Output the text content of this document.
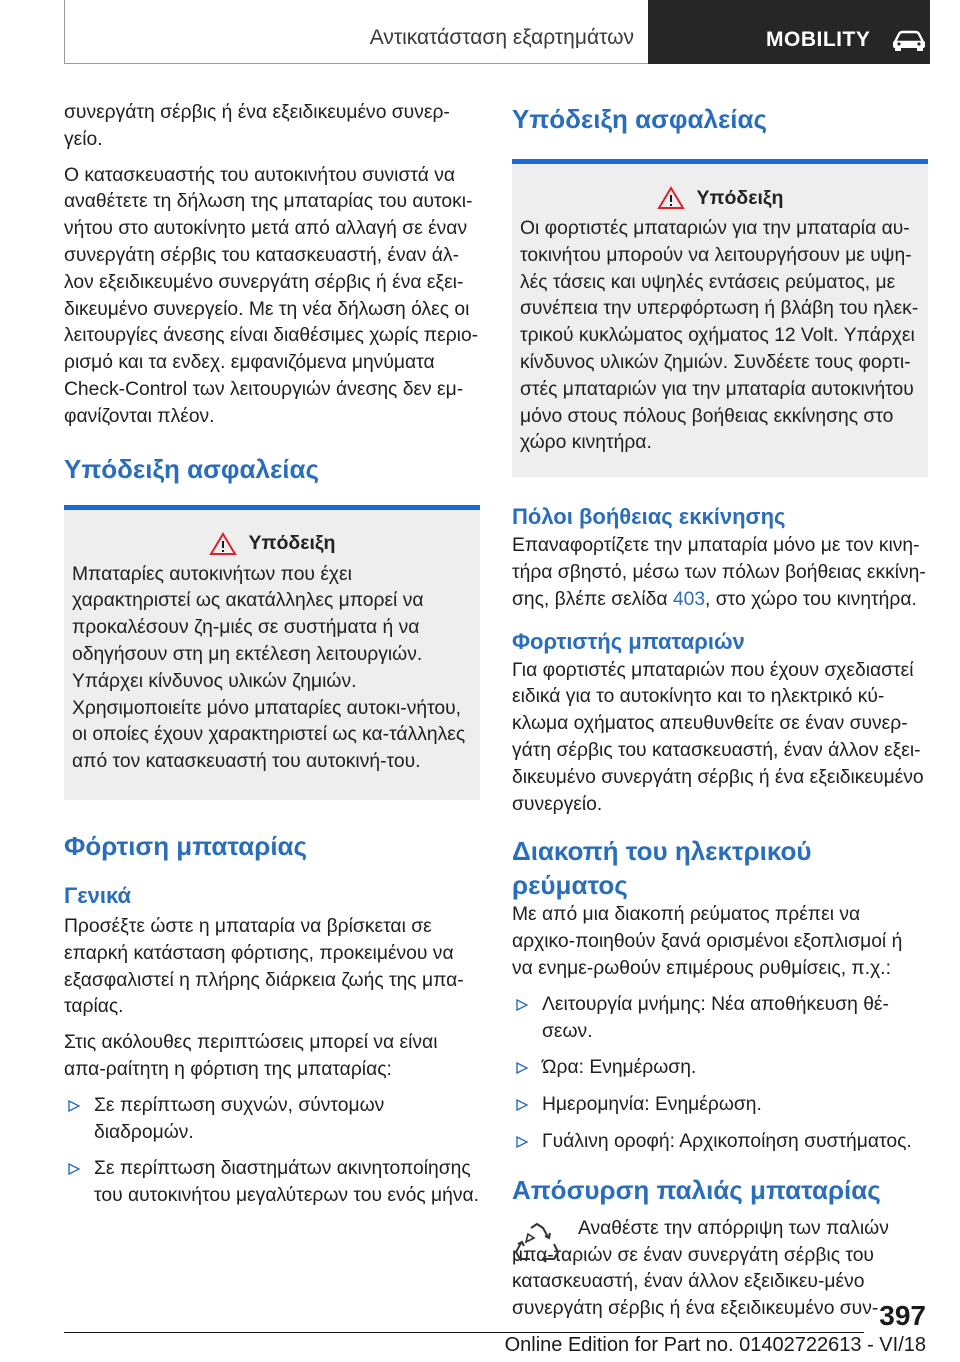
Αντικατάσταση εξαρτημάτων	MOBILITY

συνεργάτη σέρβις ή ένα εξειδικευμένο συνερ-γείο.

Ο κατασκευαστής του αυτοκινήτου συνιστά να αναθέτετε τη δήλωση της μπαταρίας του αυτοκι-νήτου στο αυτοκίνητο μετά από αλλαγή σε έναν συνεργάτη σέρβις του κατασκευαστή, έναν άλ-λον εξειδικευμένο συνεργάτη σέρβις ή ένα εξει-δικευμένο συνεργείο. Με τη νέα δήλωση όλες οι λειτουργίες άνεσης είναι διαθέσιμες χωρίς περιο-ρισμό και τα ενδεχ. εμφανιζόμενα μηνύματα Check-Control των λειτουργιών άνεσης δεν εμ-φανίζονται πλέον.

Υπόδειξη ασφαλείας
Υπόδειξη

Μπαταρίες αυτοκινήτων που έχει χαρακτηριστεί ως ακατάλληλες μπορεί να προκαλέσουν ζη-μιές σε συστήματα ή να οδηγήσουν στη μη εκτέλεση λειτουργιών. Υπάρχει κίνδυνος υλικών ζημιών. Χρησιμοποιείτε μόνο μπαταρίες αυτοκι-νήτου, οι οποίες έχουν χαρακτηριστεί ως κα-τάλληλες από τον κατασκευαστή του αυτοκινή-του.

Φόρτιση μπαταρίας
Γενικά

Προσέξτε ώστε η μπαταρία να βρίσκεται σε επαρκή κατάσταση φόρτισης, προκειμένου να εξασφαλιστεί η πλήρης διάρκεια ζωής της μπα-ταρίας.

Στις ακόλουθες περιπτώσεις μπορεί να είναι απα-ραίτητη η φόρτιση της μπαταρίας:

Σε περίπτωση συχνών, σύντομων διαδρομών.
Σε περίπτωση διαστημάτων ακινητοποίησης του αυτοκινήτου μεγαλύτερων του ενός μήνα.
Υπόδειξη ασφαλείας
Υπόδειξη

Οι φορτιστές μπαταριών για την μπαταρία αυ-τοκινήτου μπορούν να λειτουργήσουν με υψη-λές τάσεις και υψηλές εντάσεις ρεύματος, με συνέπεια την υπερφόρτωση ή βλάβη του ηλεκ-τρικού κυκλώματος οχήματος 12 Volt. Υπάρχει κίνδυνος υλικών ζημιών. Συνδέετε τους φορτι-στές μπαταριών για την μπαταρία αυτοκινήτου μόνο στους πόλους βοήθειας εκκίνησης στο χώρο κινητήρα.

Πόλοι βοήθειας εκκίνησης

Επαναφορτίζετε την μπαταρία μόνο με τον κινη-τήρα σβηστό, μέσω των πόλων βοήθειας εκκίνη-σης, βλέπε σελίδα 403, στο χώρο του κινητήρα.

Φορτιστής μπαταριών

Για φορτιστές μπαταριών που έχουν σχεδιαστεί ειδικά για το αυτοκίνητο και το ηλεκτρικό κύ-κλωμα οχήματος απευθυνθείτε σε έναν συνερ-γάτη σέρβις του κατασκευαστή, έναν άλλον εξει-δικευμένο συνεργάτη σέρβις ή ένα εξειδικευμένο συνεργείο.

Διακοπή του ηλεκτρικού
ρεύματος

Με από μια διακοπή ρεύματος πρέπει να αρχικο-ποιηθούν ξανά ορισμένοι εξοπλισμοί ή να ενημε-ρωθούν επιμέρους ρυθμίσεις, π.χ.:

Λειτουργία μνήμης: Νέα αποθήκευση θέ-σεων.
Ώρα: Ενημέρωση.
Ημερομηνία: Ενημέρωση.
Γυάλινη οροφή: Αρχικοποίηση συστήματος.
Απόσυρση παλιάς μπαταρίας

Αναθέστε την απόρριψη των παλιών μπα-ταριών σε έναν συνεργάτη σέρβις του κατασκευαστή, έναν άλλον εξειδικευ-μένο συνεργάτη σέρβις ή ένα εξειδικευμένο συν- 397
Online Edition for Part no. 01402722613 - VI/18
